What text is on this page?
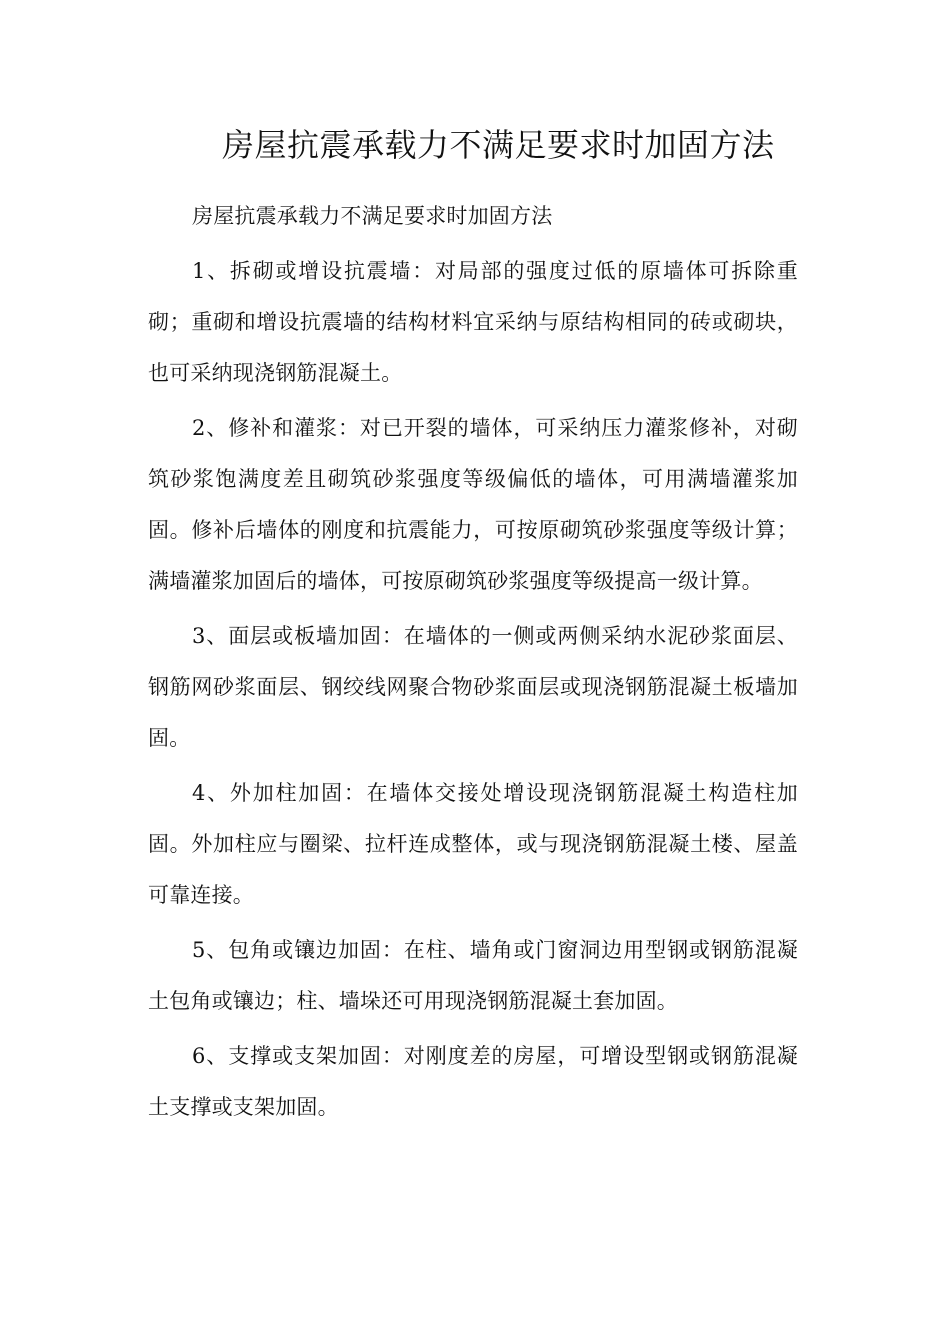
房屋抗震承载力不满足要求时加固方法

房屋抗震承载力不满足要求时加固方法

1、拆砌或增设抗震墙：对局部的强度过低的原墙体可拆除重砌；重砌和增设抗震墙的结构材料宜采纳与原结构相同的砖或砌块，也可采纳现浇钢筋混凝土。

2、修补和灌浆：对已开裂的墙体，可采纳压力灌浆修补，对砌筑砂浆饱满度差且砌筑砂浆强度等级偏低的墙体，可用满墙灌浆加固。修补后墙体的刚度和抗震能力，可按原砌筑砂浆强度等级计算；满墙灌浆加固后的墙体，可按原砌筑砂浆强度等级提高一级计算。

3、面层或板墙加固：在墙体的一侧或两侧采纳水泥砂浆面层、钢筋网砂浆面层、钢绞线网聚合物砂浆面层或现浇钢筋混凝土板墙加固。

4、外加柱加固：在墙体交接处增设现浇钢筋混凝土构造柱加固。外加柱应与圈梁、拉杆连成整体，或与现浇钢筋混凝土楼、屋盖可靠连接。

5、包角或镶边加固：在柱、墙角或门窗洞边用型钢或钢筋混凝土包角或镶边；柱、墙垛还可用现浇钢筋混凝土套加固。

6、支撑或支架加固：对刚度差的房屋，可增设型钢或钢筋混凝土支撑或支架加固。
